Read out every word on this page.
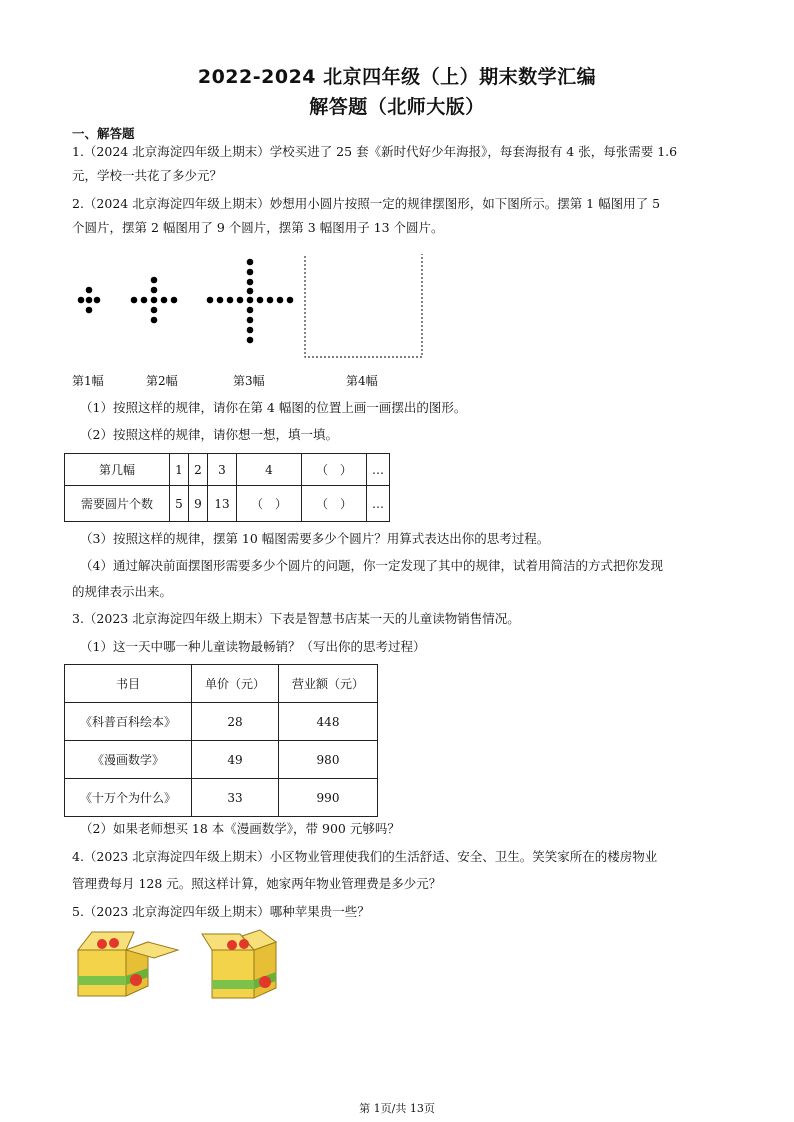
2022-2024 北京四年级（上）期末数学汇编
解答题（北师大版）
一、解答题
1.（2024 北京海淀四年级上期末）学校买进了 25 套《新时代好少年海报》，每套海报有 4 张，每张需要 1.6
元，学校一共花了多少元？
2.（2024 北京海淀四年级上期末）妙想用小圆片按照一定的规律摆图形，如下图所示。摆第 1 幅图用了 5
个圆片，摆第 2 幅图用了 9 个圆片，摆第 3 幅图用子 13 个圆片。
第1幅	第2幅	第3幅	第4幅
（1）按照这样的规律，请你在第 4 幅图的位置上画一画摆出的图形。
（2）按照这样的规律，请你想一想，填一填。
第几幅	1	2	3	4	（　）	…
需要圆片个数	5	9	13	（　）	（　）	…
（3）按照这样的规律，摆第 10 幅图需要多少个圆片？用算式表达出你的思考过程。
（4）通过解决前面摆图形需要多少个圆片的问题，你一定发现了其中的规律，试着用简洁的方式把你发现
的规律表示出来。
3.（2023 北京海淀四年级上期末）下表是智慧书店某一天的儿童读物销售情况。
（1）这一天中哪一种儿童读物最畅销？（写出你的思考过程）
书目	单价（元）	营业额（元）
《科普百科绘本》	28	448
《漫画数学》	49	980
《十万个为什么》	33	990
（2）如果老师想买 18 本《漫画数学》，带 900 元够吗？
4.（2023 北京海淀四年级上期末）小区物业管理使我们的生活舒适、安全、卫生。笑笑家所在的楼房物业
管理费每月 128 元。照这样计算，她家两年物业管理费是多少元？
5.（2023 北京海淀四年级上期末）哪种苹果贵一些？
第 1页/共 13页
